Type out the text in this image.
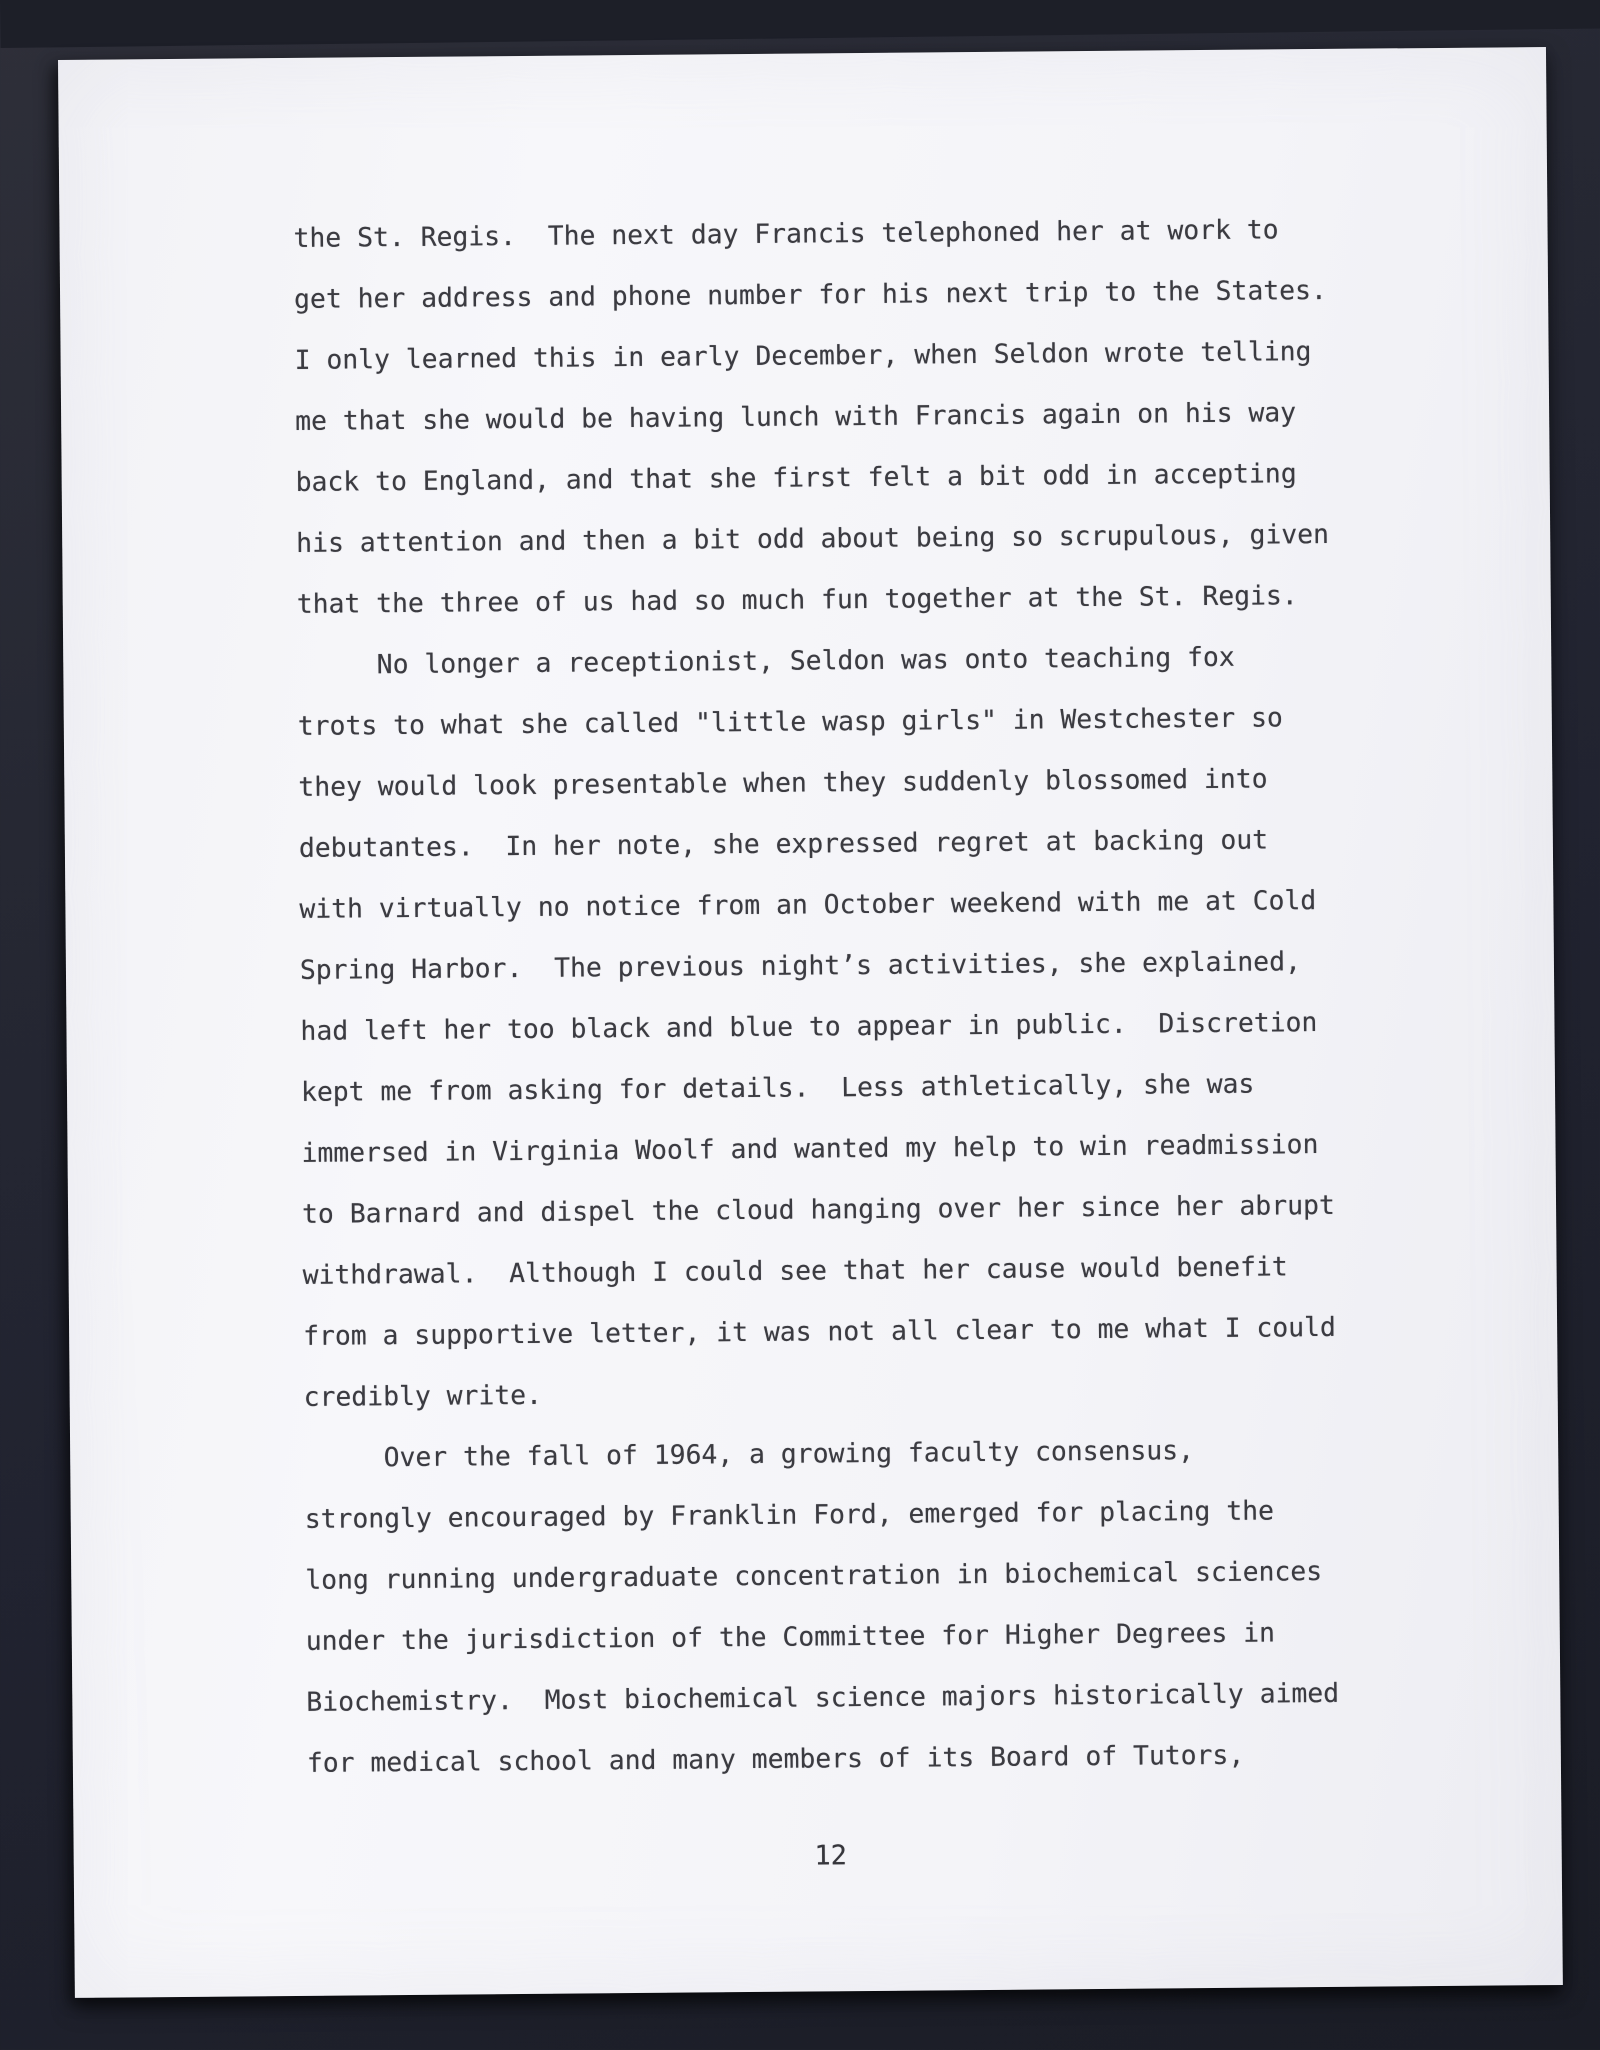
the St. Regis.  The next day Francis telephoned her at work to
get her address and phone number for his next trip to the States.
I only learned this in early December, when Seldon wrote telling
me that she would be having lunch with Francis again on his way
back to England, and that she first felt a bit odd in accepting
his attention and then a bit odd about being so scrupulous, given
that the three of us had so much fun together at the St. Regis.
No longer a receptionist, Seldon was onto teaching fox
trots to what she called "little wasp girls" in Westchester so
they would look presentable when they suddenly blossomed into
debutantes.  In her note, she expressed regret at backing out
with virtually no notice from an October weekend with me at Cold
Spring Harbor.  The previous night’s activities, she explained,
had left her too black and blue to appear in public.  Discretion
kept me from asking for details.  Less athletically, she was
immersed in Virginia Woolf and wanted my help to win readmission
to Barnard and dispel the cloud hanging over her since her abrupt
withdrawal.  Although I could see that her cause would benefit
from a supportive letter, it was not all clear to me what I could
credibly write.
Over the fall of 1964, a growing faculty consensus,
strongly encouraged by Franklin Ford, emerged for placing the
long running undergraduate concentration in biochemical sciences
under the jurisdiction of the Committee for Higher Degrees in
Biochemistry.  Most biochemical science majors historically aimed
for medical school and many members of its Board of Tutors,
12
